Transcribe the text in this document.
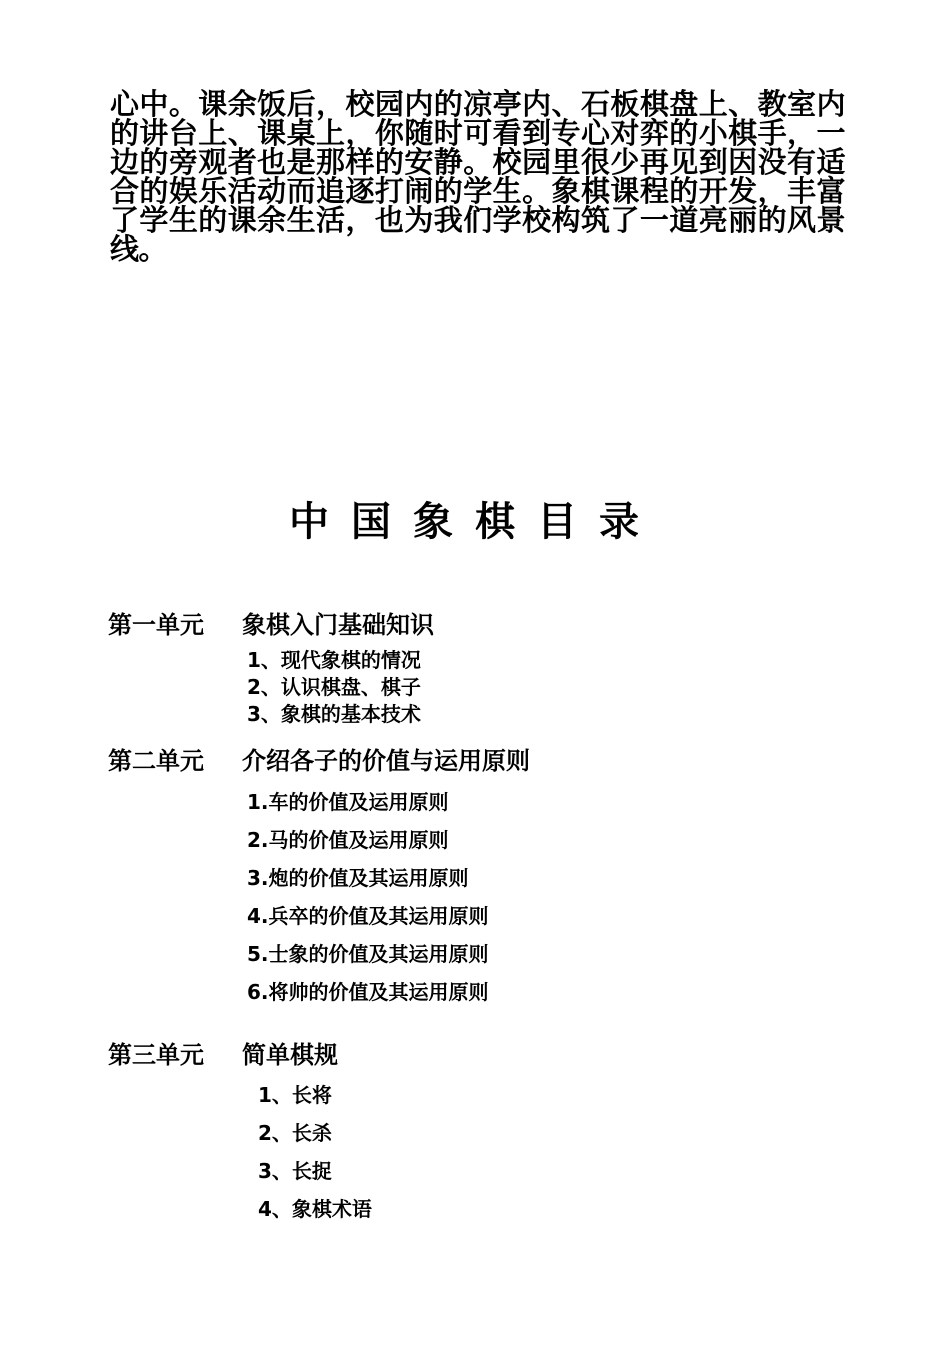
心中。课余饭后，校园内的凉亭内、石板棋盘上、教室内的讲台上、课桌上，你随时可看到专心对弈的小棋手，一边的旁观者也是那样的安静。校园里很少再见到因没有适合的娱乐活动而追逐打闹的学生。象棋课程的开发，丰富了学生的课余生活，也为我们学校构筑了一道亮丽的风景线。
中国象棋目录
第一单元 象棋入门基础知识
1、现代象棋的情况
2、认识棋盘、棋子
3、象棋的基本技术
第二单元 介绍各子的价值与运用原则
1.车的价值及运用原则
2.马的价值及运用原则
3.炮的价值及其运用原则
4.兵卒的价值及其运用原则
5.士象的价值及其运用原则
6.将帅的价值及其运用原则
第三单元 简单棋规
1、长将
2、长杀
3、长捉
4、象棋术语
